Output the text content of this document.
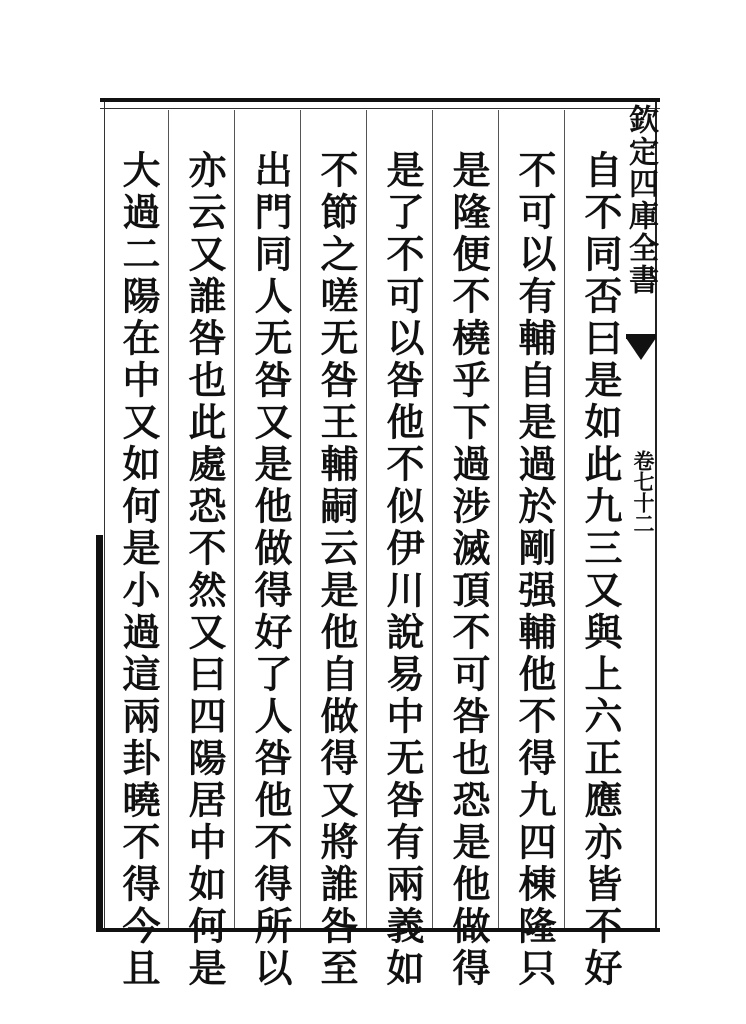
欽定四庫全書
卷七十二
自不同否曰是如此九三又與上六正應亦皆不好
不可以有輔自是過於剛强輔他不得九四棟隆只
是隆便不橈乎下過涉滅頂不可咎也恐是他做得
是了不可以咎他不似伊川說易中无咎有兩義如
不節之嗟无咎王輔嗣云是他自做得又將誰咎至
出門同人无咎又是他做得好了人咎他不得所以
亦云又誰咎也此處恐不然又曰四陽居中如何是
大過二陽在中又如何是小過這兩卦曉不得今且
